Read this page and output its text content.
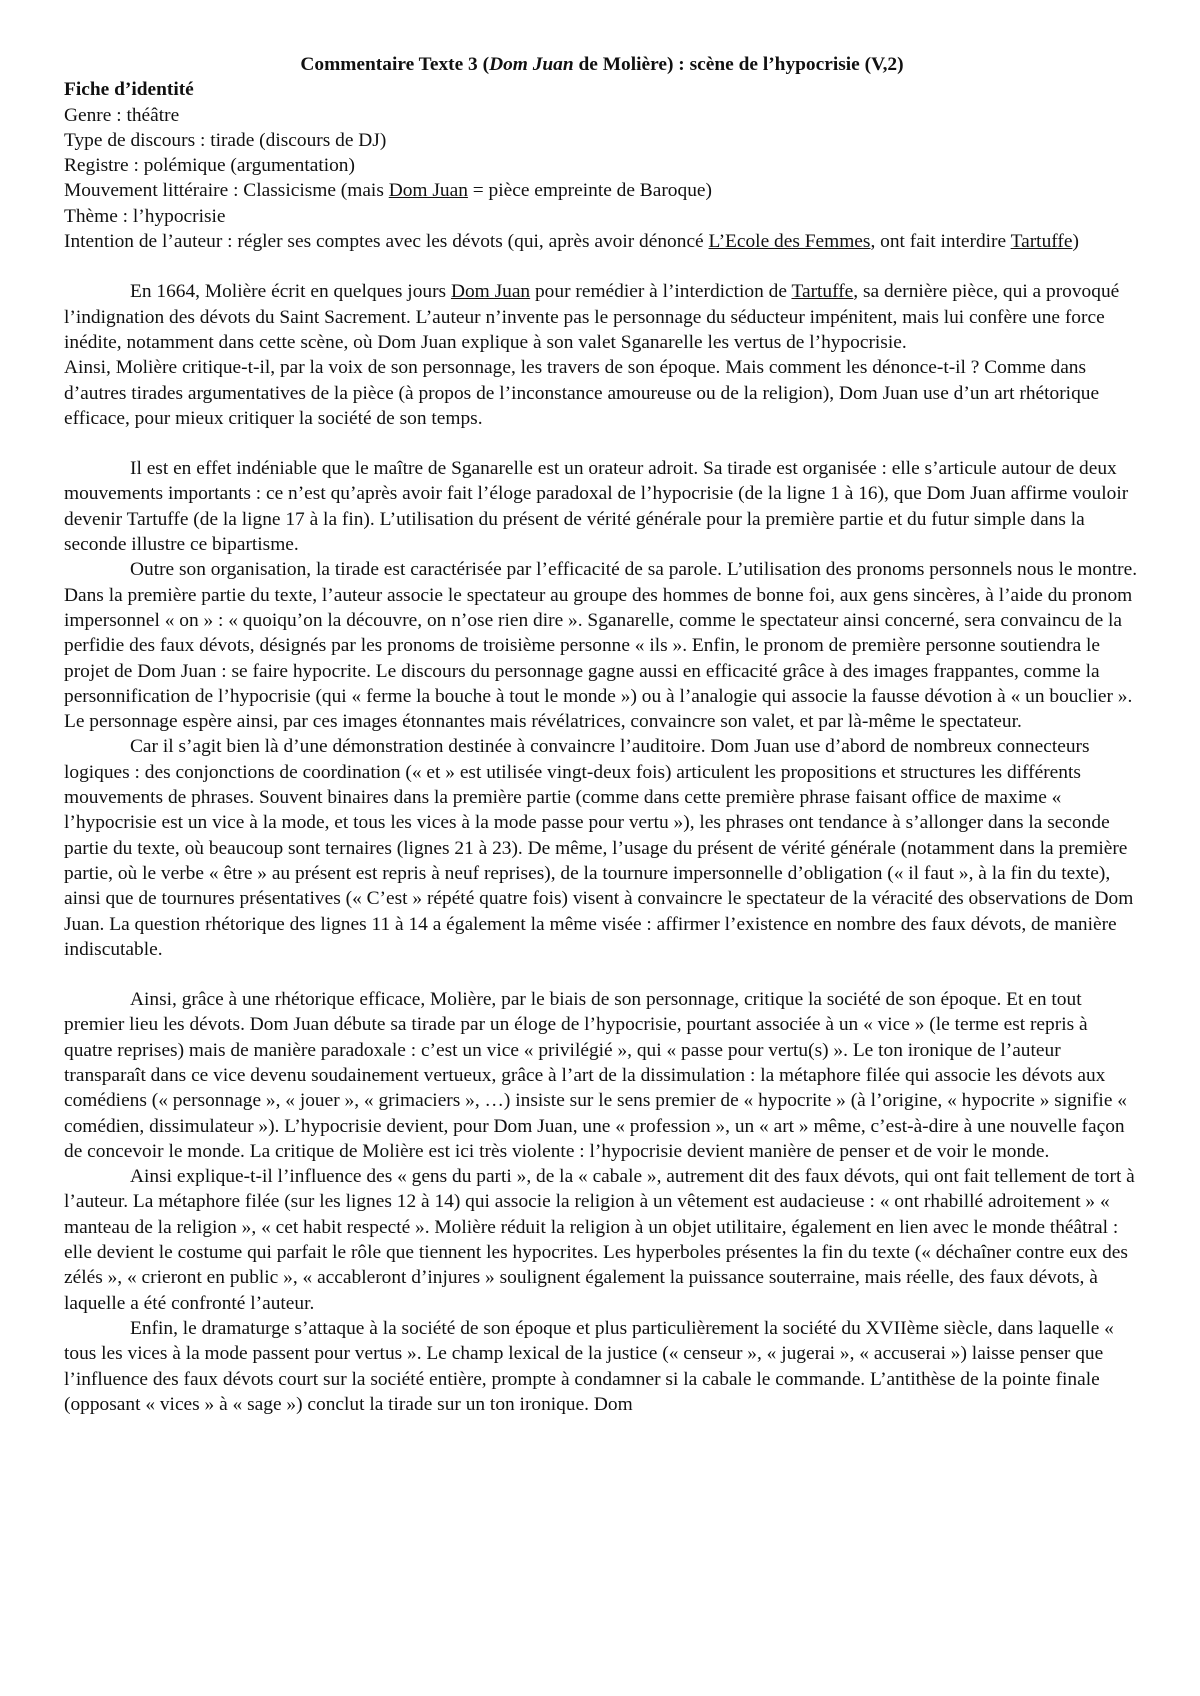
Commentaire Texte 3 (Dom Juan de Molière) : scène de l’hypocrisie (V,2)

Fiche d’identité

Genre : théâtre

Type de discours : tirade (discours de DJ)

Registre : polémique (argumentation)

Mouvement littéraire : Classicisme (mais Dom Juan = pièce empreinte de Baroque)

Thème : l’hypocrisie

Intention de l’auteur : régler ses comptes avec les dévots (qui, après avoir dénoncé L’Ecole des Femmes, ont fait interdire Tartuffe)

En 1664, Molière écrit en quelques jours Dom Juan pour remédier à l’interdiction de Tartuffe, sa dernière pièce, qui a provoqué l’indignation des dévots du Saint Sacrement. L’auteur n’invente pas le personnage du séducteur impénitent, mais lui confère une force inédite, notamment dans cette scène, où Dom Juan explique à son valet Sganarelle les vertus de l’hypocrisie.

Ainsi, Molière critique-t-il, par la voix de son personnage, les travers de son époque. Mais comment les dénonce-t-il ? Comme dans d’autres tirades argumentatives de la pièce (à propos de l’inconstance amoureuse ou de la religion), Dom Juan use d’un art rhétorique efficace, pour mieux critiquer la société de son temps.

Il est en effet indéniable que le maître de Sganarelle est un orateur adroit. Sa tirade est organisée : elle s’articule autour de deux mouvements importants : ce n’est qu’après avoir fait l’éloge paradoxal de l’hypocrisie (de la ligne 1 à 16), que Dom Juan affirme vouloir devenir Tartuffe (de la ligne 17 à la fin). L’utilisation du présent de vérité générale pour la première partie et du futur simple dans la seconde illustre ce bipartisme.

Outre son organisation, la tirade est caractérisée par l’efficacité de sa parole. L’utilisation des pronoms personnels nous le montre. Dans la première partie du texte, l’auteur associe le spectateur au groupe des hommes de bonne foi, aux gens sincères, à l’aide du pronom impersonnel « on » : « quoiqu’on la découvre, on n’ose rien dire ». Sganarelle, comme le spectateur ainsi concerné, sera convaincu de la perfidie des faux dévots, désignés par les pronoms de troisième personne « ils ». Enfin, le pronom de première personne soutiendra le projet de Dom Juan : se faire hypocrite. Le discours du personnage gagne aussi en efficacité grâce à des images frappantes, comme la personnification de l’hypocrisie (qui « ferme la bouche à tout le monde ») ou à l’analogie qui associe la fausse dévotion à « un bouclier ». Le personnage espère ainsi, par ces images étonnantes mais révélatrices, convaincre son valet, et par là-même le spectateur.

Car il s’agit bien là d’une démonstration destinée à convaincre l’auditoire. Dom Juan use d’abord de nombreux connecteurs logiques : des conjonctions de coordination (« et » est utilisée vingt-deux fois) articulent les propositions et structures les différents mouvements de phrases. Souvent binaires dans la première partie (comme dans cette première phrase faisant office de maxime « l’hypocrisie est un vice à la mode, et tous les vices à la mode passe pour vertu »), les phrases ont tendance à s’allonger dans la seconde partie du texte, où beaucoup sont ternaires (lignes 21 à 23). De même, l’usage du présent de vérité générale (notamment dans la première partie, où le verbe « être » au présent est repris à neuf reprises), de la tournure impersonnelle d’obligation (« il faut », à la fin du texte), ainsi que de tournures présentatives (« C’est » répété quatre fois) visent à convaincre le spectateur de la véracité des observations de Dom Juan. La question rhétorique des lignes 11 à 14 a également la même visée : affirmer l’existence en nombre des faux dévots, de manière indiscutable.

Ainsi, grâce à une rhétorique efficace, Molière, par le biais de son personnage, critique la société de son époque. Et en tout premier lieu les dévots. Dom Juan débute sa tirade par un éloge de l’hypocrisie, pourtant associée à un « vice » (le terme est repris à quatre reprises) mais de manière paradoxale : c’est un vice « privilégié », qui « passe pour vertu(s) ». Le ton ironique de l’auteur transparaît dans ce vice devenu soudainement vertueux, grâce à l’art de la dissimulation : la métaphore filée qui associe les dévots aux comédiens (« personnage », « jouer », « grimaciers », …) insiste sur le sens premier de « hypocrite » (à l’origine, « hypocrite » signifie « comédien, dissimulateur »). L’hypocrisie devient, pour Dom Juan, une « profession », un « art » même, c’est-à-dire à une nouvelle façon de concevoir le monde. La critique de Molière est ici très violente : l’hypocrisie devient manière de penser et de voir le monde.

Ainsi explique-t-il l’influence des « gens du parti », de la « cabale », autrement dit des faux dévots, qui ont fait tellement de tort à l’auteur. La métaphore filée (sur les lignes 12 à 14) qui associe la religion à un vêtement est audacieuse : « ont rhabillé adroitement » « manteau de la religion », « cet habit respecté ». Molière réduit la religion à un objet utilitaire, également en lien avec le monde théâtral : elle devient le costume qui parfait le rôle que tiennent les hypocrites. Les hyperboles présentes la fin du texte (« déchaîner contre eux des zélés », « crieront en public », « accableront d’injures » soulignent également la puissance souterraine, mais réelle, des faux dévots, à laquelle a été confronté l’auteur.

Enfin, le dramaturge s’attaque à la société de son époque et plus particulièrement la société du XVIIème siècle, dans laquelle « tous les vices à la mode passent pour vertus ». Le champ lexical de la justice (« censeur », « jugerai », « accuserai ») laisse penser que l’influence des faux dévots court sur la société entière, prompte à condamner si la cabale le commande. L’antithèse de la pointe finale (opposant « vices » à « sage ») conclut la tirade sur un ton ironique. Dom
